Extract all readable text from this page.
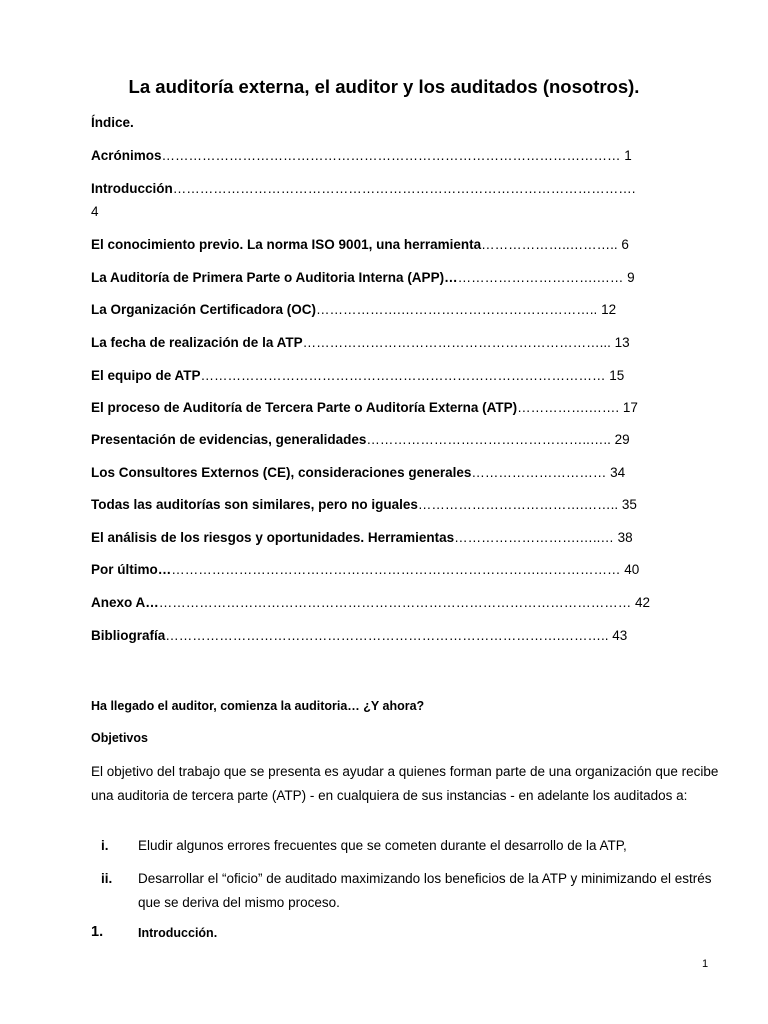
La auditoría externa, el auditor y los auditados (nosotros).
Índice.
Acrónimos………………………………………………………………………………………… 1
Introducción………………………………………………………………………………………….
4
El conocimiento previo. La norma ISO 9001, una herramienta………………..……….. 6
La Auditoría de Primera Parte o Auditoria Interna (APP)…………………………….…… 9
La Organización Certificadora (OC)……………….…………………………………….. 12
La fecha de realización de la ATP…………………………………………………………... 13
El equipo de ATP……………………………………………………………………………… 15
El proceso de Auditoría de Tercera Parte o Auditoría Externa (ATP)…………….……. 17
Presentación de evidencias, generalidades…………………………………………..….. 29
Los Consultores Externos (CE), consideraciones generales………………………… 34
Todas las auditorías son similares, pero no iguales……………………………….…….. 35
El análisis de los riesgos y oportunidades. Herramientas……………………….…..… 38
Por último………………………………………………………………………….……………… 40
Anexo A……………………………………………………………………………………………… 42
Bibliografía…………………………………………………………………………….……….. 43
Ha llegado el auditor, comienza la auditoria… ¿Y ahora?
Objetivos
El objetivo del trabajo que se presenta es ayudar a quienes forman parte de una organización que recibe una auditoria de tercera parte (ATP) - en cualquiera de sus instancias - en adelante los auditados a:
i.	Eludir algunos errores frecuentes que se cometen durante el desarrollo de la ATP,
ii.	Desarrollar el “oficio” de auditado maximizando los beneficios de la ATP y minimizando el estrés que se deriva del mismo proceso.
1.	Introducción.
1
